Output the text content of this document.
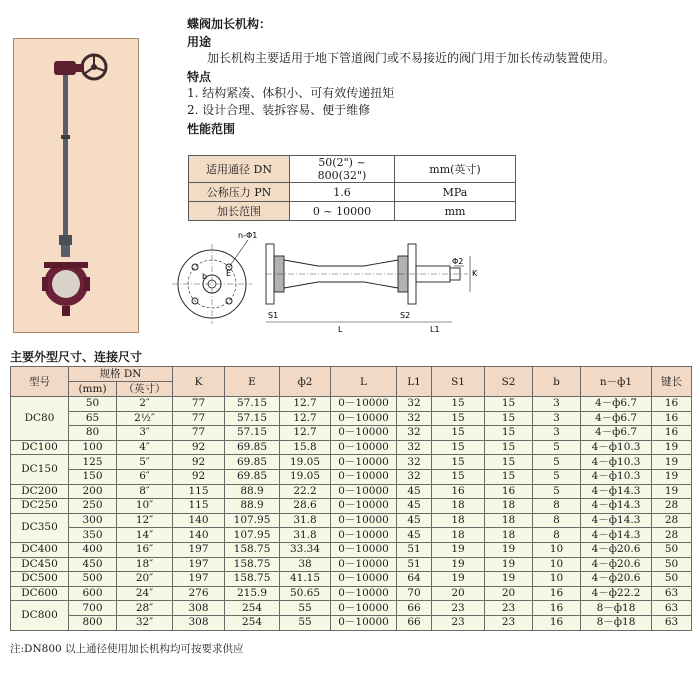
蝶阀加长机构：
用途
加长机构主要适用于地下管道阀门或不易接近的阀门用于加长传动装置使用。
特点
1. 结构紧凑、体积小、可有效传递扭矩
2. 设计合理、装拆容易、便于维修
性能范围
适用通径 DN	50(2") ~ 800(32")	mm(英寸)
公称压力 PN	1.6	MPa
加长范围	0 ~ 10000	mm
n-Φ1
b E	K
Φ2
L	L1
S1	S2
主要外型尺寸、连接尺寸
型号	规格 DN		K	E	ф2	L	L1	S1	S2	b	n－ф1	键长
	(mm)	（英寸）										
DC80	50	2″	77	57.15	12.7	0－10000	32	15	15	3	4－ф6.7	16
	65	2½″	77	57.15	12.7	0－10000	32	15	15	3	4－ф6.7	16
	80	3″	77	57.15	12.7	0－10000	32	15	15	3	4－ф6.7	16
DC100	100	4″	92	69.85	15.8	0－10000	32	15	15	5	4－ф10.3	19
DC150	125	5″	92	69.85	19.05	0－10000	32	15	15	5	4－ф10.3	19
	150	6″	92	69.85	19.05	0－10000	32	15	15	5	4－ф10.3	19
DC200	200	8″	115	88.9	22.2	0－10000	45	16	16	5	4－ф14.3	19
DC250	250	10″	115	88.9	28.6	0－10000	45	18	18	8	4－ф14.3	28
DC350	300	12″	140	107.95	31.8	0－10000	45	18	18	8	4－ф14.3	28
	350	14″	140	107.95	31.8	0－10000	45	18	18	8	4－ф14.3	28
DC400	400	16″	197	158.75	33.34	0－10000	51	19	19	10	4－ф20.6	50
DC450	450	18″	197	158.75	38	0－10000	51	19	19	10	4－ф20.6	50
DC500	500	20″	197	158.75	41.15	0－10000	64	19	19	10	4－ф20.6	50
DC600	600	24″	276	215.9	50.65	0－10000	70	20	20	16	4－ф22.2	63
DC800	700	28″	308	254	55	0－10000	66	23	23	16	8－ф18	63
	800	32″	308	254	55	0－10000	66	23	23	16	8－ф18	63
注:DN800 以上通径使用加长机构均可按要求供应
